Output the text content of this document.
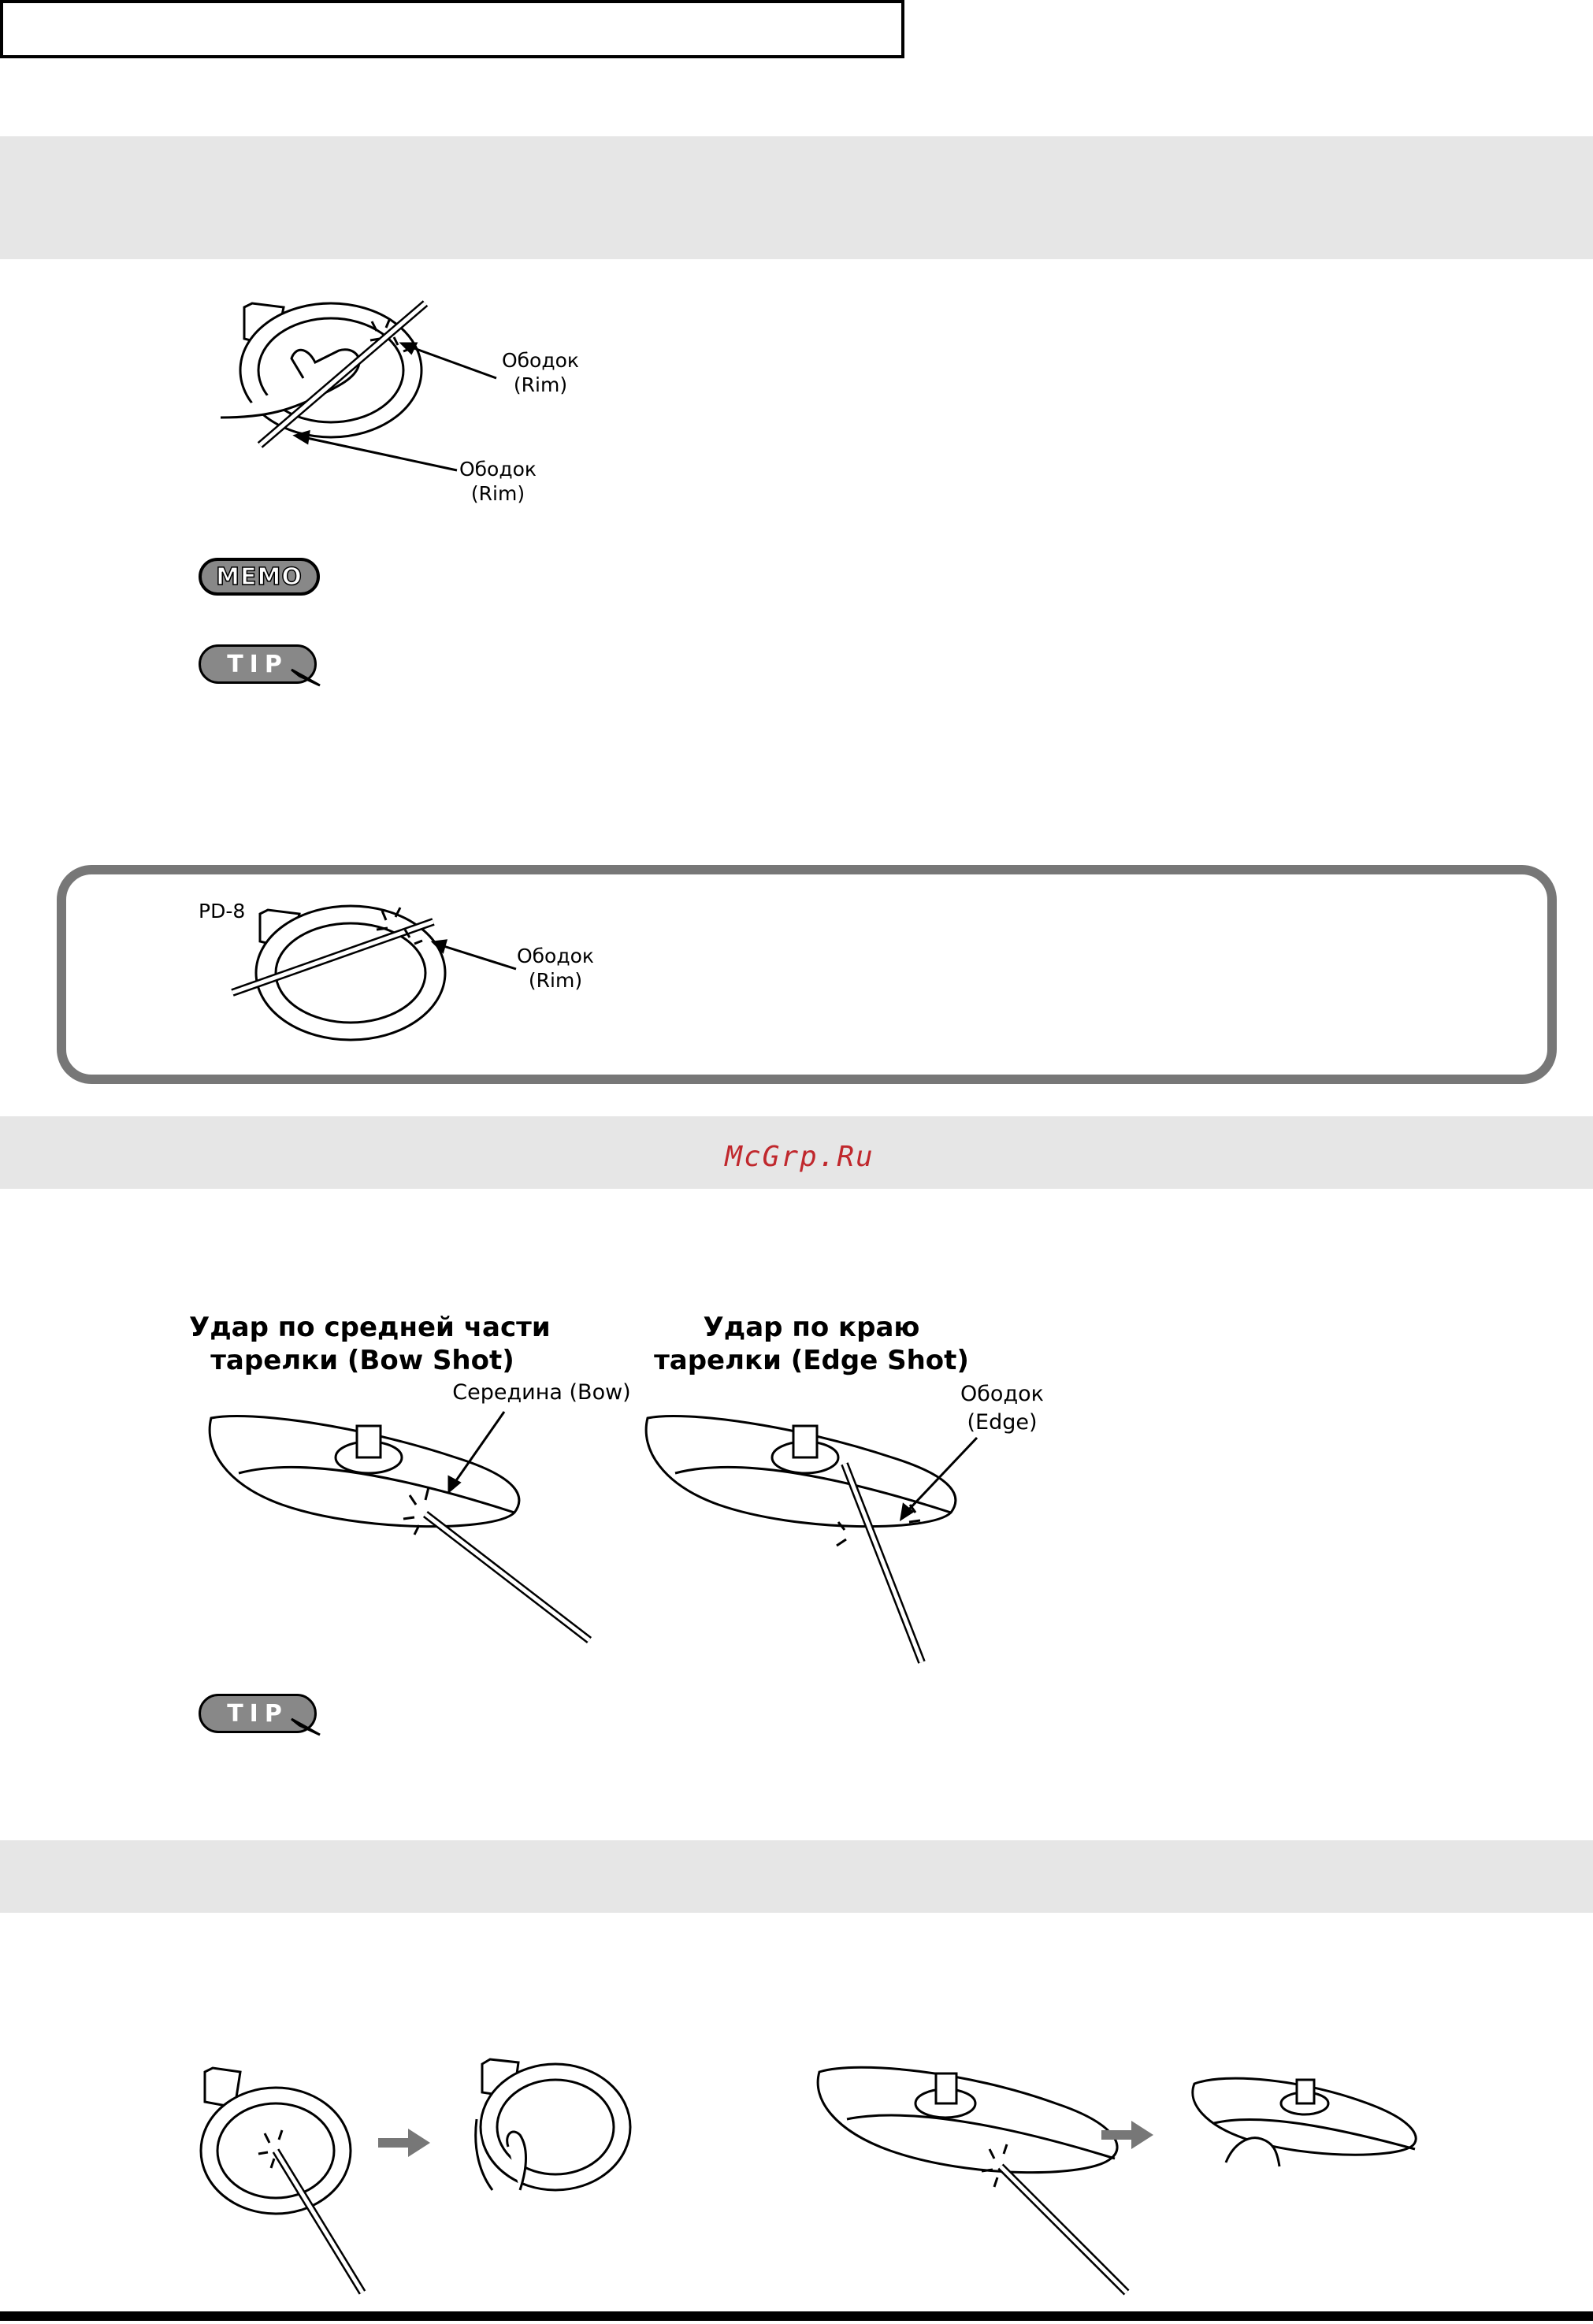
Ободок
(Rim)
Ободок
(Rim)
MEMO
TIP
PD-8
Ободок
(Rim)
McGrp.Ru
Удар по средней части
тарелки (Bow Shot)
Удар по краю
тарелки (Edge Shot)
Середина (Bow)	Ободок
(Edge)
TIP
